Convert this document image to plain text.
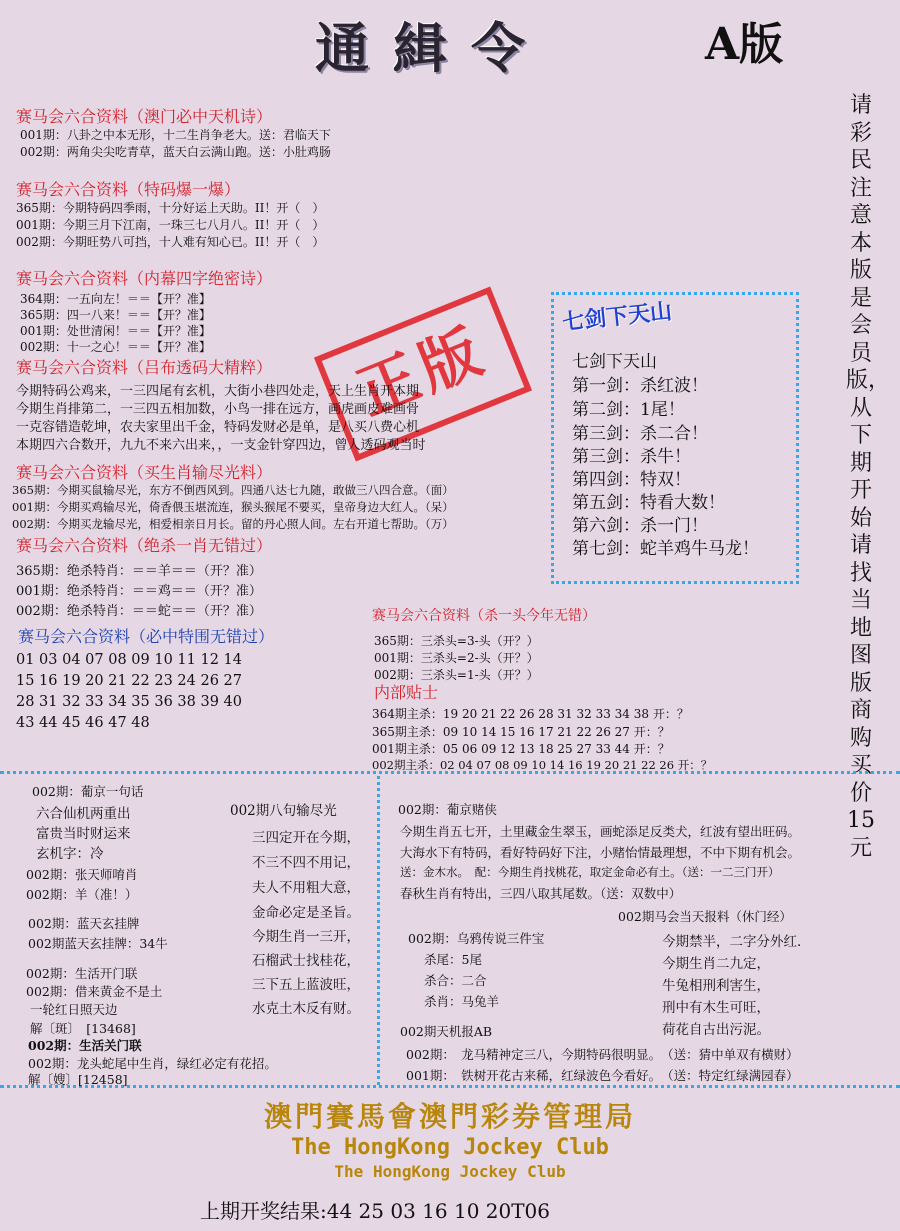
通緝令	A版
请彩民注意本版是会员版，从下期开始请找当地图版商购买价15元
赛马会六合资料（澳门必中天机诗）
001期：八卦之中本无形，十二生肖争老大。送：君临天下
002期：两角尖尖吃青草，蓝天白云满山跑。送：小肚鸡肠
赛马会六合资料（特码爆一爆）
365期：今期特码四季雨，十分好运上天助。II！开（　）
001期：今期三月下江南，一珠三七八月八。II！开（　）
002期：今期旺势八可挡，十人难有知心已。II！开（　）
赛马会六合资料（内幕四字绝密诗）
364期：一五向左！＝＝【开？准】
365期：四一八来！＝＝【开？准】
001期：处世清闲！＝＝【开？准】
002期：十一之心！＝＝【开？准】	正版
赛马会六合资料（吕布透码大精粹）
今期特码公鸡来，一三四尾有玄机，大街小巷四处走，天上生肖开本期
今期生肖排第二，一三四五相加数，小鸟一排在远方，画虎画皮难画骨
一克容错造乾坤，农夫家里出千金，特码发财必是单，是八买八费心机
本期四六合数开，九九不来六出来，，一支金针穿四边，曾人透码观当时
赛马会六合资料（买生肖输尽光料）
365期：今期买鼠输尽光，东方不倒西风到。四通八达七九随，敢做三八四合意。（面）
001期：今期买鸡输尽光，倚香偎玉堪流连，猴头猴尾不要买，皇帝身边大红人。（呆）
002期：今期买龙输尽光，相爱相亲日月长。留的丹心照人间。左右开道七帮助。（万）
赛马会六合资料（绝杀一肖无错过）
365期：绝杀特肖：＝＝羊＝＝（开？准）
001期：绝杀特肖：＝＝鸡＝＝（开？准）
002期：绝杀特肖：＝＝蛇＝＝（开？准）
赛马会六合资料（必中特围无错过）
01 03 04 07 08 09 10 11 12 14
15 16 19 20 21 22 23 24 26 27
28 31 32 33 34 35 36 38 39 40
43 44 45 46 47 48
七剑下天山
七剑下天山
第一剑：杀红波！
第二剑：1尾！
第三剑：杀二合！
第三剑：杀牛！
第四剑：特双！
第五剑：特看大数！
第六剑：杀一门！
第七剑：蛇羊鸡牛马龙！
赛马会六合资料（杀一头今年无错）
365期：三杀头=3-头（开？）
001期：三杀头=2-头（开？）
002期：三杀头=1-头（开？）
内部贴士
364期主杀：19 20 21 22 26 28 31 32 33 34 38 开：？
365期主杀：09 10 14 15 16 17 21 22 26 27 开：？
001期主杀：05 06 09 12 13 18 25 27 33 44 开：？
002期主杀：02 04 07 08 09 10 14 16 19 20 21 22 26 开：？
002期：葡京一句话
六合仙机两重出
富贵当时财运来
玄机字：冷
002期：张天师唷肖
002期：羊（准！）
002期：蓝天玄挂牌
002期蓝天玄挂牌：34牛
002期：生活开门联
002期：借来黄金不是土
一轮红日照天边
解〔斑〕　[13468]
002期：生活关门联
002期：龙头蛇尾中生肖，绿红必定有花招。
解〔嫂〕[12458]
002期八句输尽光
三四定开在今期，
不三不四不用记，
夫人不用粗大意，
金命必定是圣旨。
今期生肖一三开，
石榴武士找桂花，
三下五上蓝波旺，
水克土木反有财。
002期：葡京赌侠
今期生肖五七开，土里藏金生翠玉，画蛇添足反类犬，红波有望出旺码。
大海水下有特码，看好特码好下注，小赌怡情最理想，不中下期有机会。
送：金木水。　配：今期生肖找桃花，取定金命必有土。（送：一二三门开）
春秋生肖有特出，三四八取其尾数。（送：双数中）
002期马会当天报料（休门经）
今期禁半，二字分外红．
今期生肖二九定，
牛兔相刑利害生，
刑中有木生可旺，
荷花自古出污泥。
002期：乌鸦传说三件宝
杀尾：5尾
杀合：二合
杀肖：马兔羊
002期天机报AB
002期：　龙马精神定三八，今期特码很明显。　（送：猜中单双有横财）
001期：　铁树开花古来稀，红绿波色今看好。　（送：特定红绿满园春）
澳門賽馬會澳門彩券管理局
The HongKong Jockey Club
The HongKong Jockey Club
上期开奖结果:44 25 03 16 10 20T06
